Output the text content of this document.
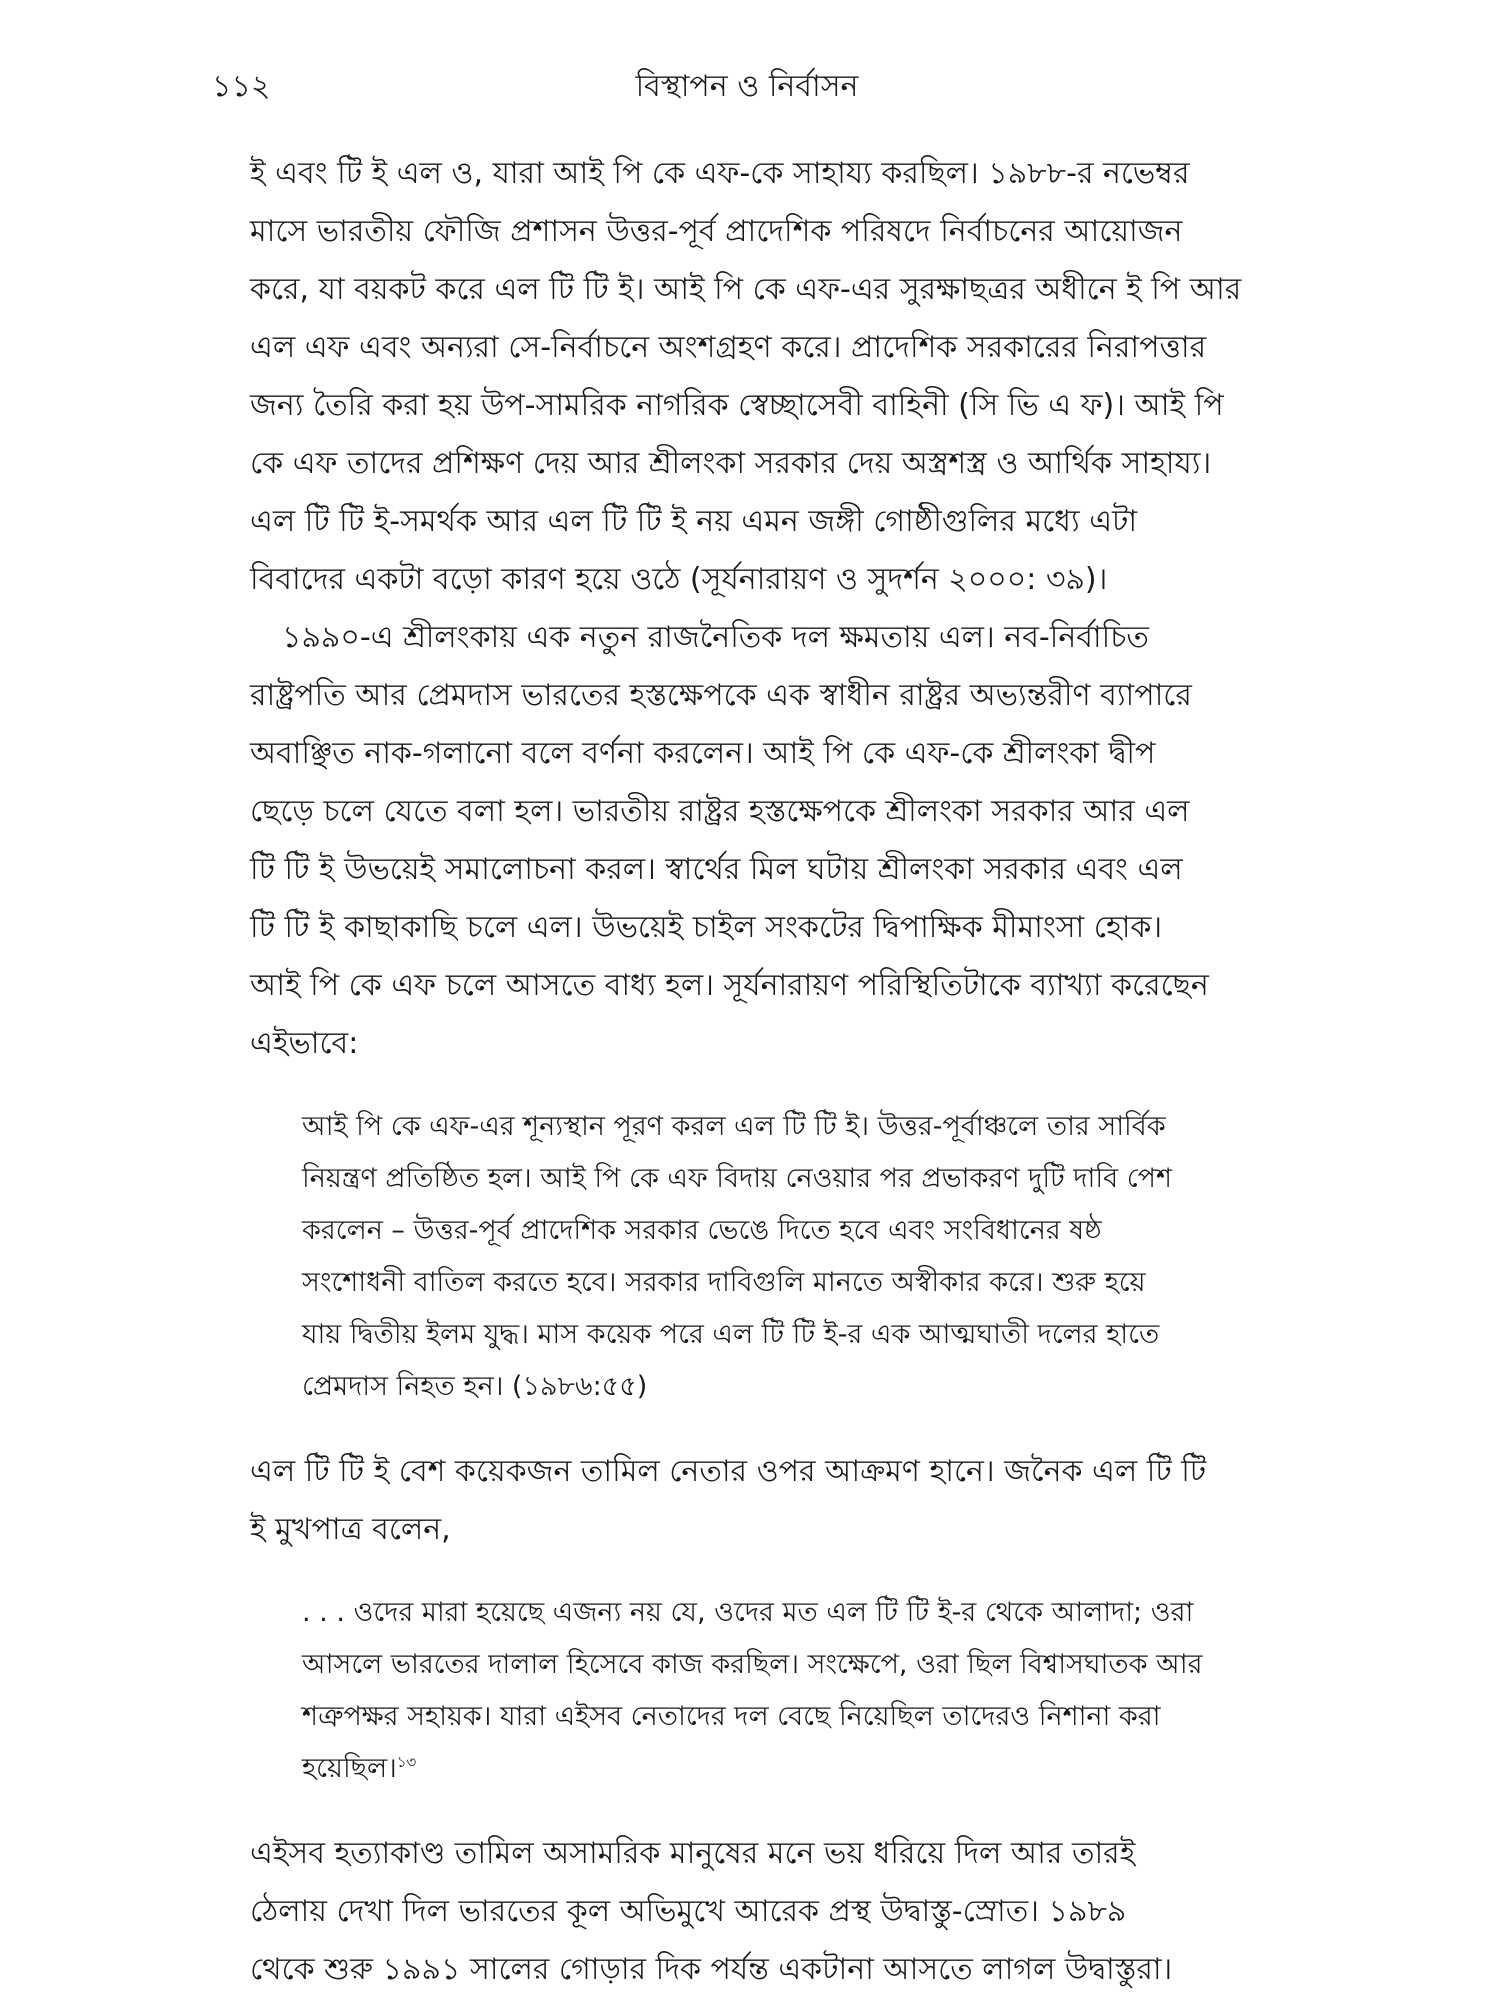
১১২	বিস্থাপন ও নির্বাসন
ই এবং টি ই এল ও, যারা আই পি কে এফ-কে সাহায্য করছিল। ১৯৮৮-র নভেম্বর
মাসে ভারতীয় ফৌজি প্রশাসন উত্তর-পূর্ব প্রাদেশিক পরিষদে নির্বাচনের আয়োজন
করে, যা বয়কট করে এল টি টি ই। আই পি কে এফ-এর সুরক্ষাছত্রর অধীনে ই পি আর
এল এফ এবং অন্যরা সে-নির্বাচনে অংশগ্রহণ করে। প্রাদেশিক সরকারের নিরাপত্তার
জন্য তৈরি করা হয় উপ-সামরিক নাগরিক স্বেচ্ছাসেবী বাহিনী (সি ভি এ ফ)। আই পি
কে এফ তাদের প্রশিক্ষণ দেয় আর শ্রীলংকা সরকার দেয় অস্ত্রশস্ত্র ও আর্থিক সাহায্য।
এল টি টি ই-সমর্থক আর এল টি টি ই নয় এমন জঙ্গী গোষ্ঠীগুলির মধ্যে এটা
বিবাদের একটা বড়ো কারণ হয়ে ওঠে (সূর্যনারায়ণ ও সুদর্শন ২০০০: ৩৯)।
১৯৯০-এ শ্রীলংকায় এক নতুন রাজনৈতিক দল ক্ষমতায় এল। নব-নির্বাচিত
রাষ্ট্রপতি আর প্রেমদাস ভারতের হস্তক্ষেপকে এক স্বাধীন রাষ্ট্রর অভ্যন্তরীণ ব্যাপারে
অবাঞ্ছিত নাক-গলানো বলে বর্ণনা করলেন। আই পি কে এফ-কে শ্রীলংকা দ্বীপ
ছেড়ে চলে যেতে বলা হল। ভারতীয় রাষ্ট্রর হস্তক্ষেপকে শ্রীলংকা সরকার আর এল
টি টি ই উভয়েই সমালোচনা করল। স্বার্থের মিল ঘটায় শ্রীলংকা সরকার এবং এল
টি টি ই কাছাকাছি চলে এল। উভয়েই চাইল সংকটের দ্বিপাক্ষিক মীমাংসা হোক।
আই পি কে এফ চলে আসতে বাধ্য হল। সূর্যনারায়ণ পরিস্থিতিটাকে ব্যাখ্যা করেছেন
এইভাবে:
আই পি কে এফ-এর শূন্যস্থান পূরণ করল এল টি টি ই। উত্তর-পূর্বাঞ্চলে তার সার্বিক
নিয়ন্ত্রণ প্রতিষ্ঠিত হল। আই পি কে এফ বিদায় নেওয়ার পর প্রভাকরণ দুটি দাবি পেশ
করলেন – উত্তর-পূর্ব প্রাদেশিক সরকার ভেঙে দিতে হবে এবং সংবিধানের ষষ্ঠ
সংশোধনী বাতিল করতে হবে। সরকার দাবিগুলি মানতে অস্বীকার করে। শুরু হয়ে
যায় দ্বিতীয় ইলম যুদ্ধ। মাস কয়েক পরে এল টি টি ই-র এক আত্মঘাতী দলের হাতে
প্রেমদাস নিহত হন। (১৯৮৬:৫৫)
এল টি টি ই বেশ কয়েকজন তামিল নেতার ওপর আক্রমণ হানে। জনৈক এল টি টি
ই মুখপাত্র বলেন,
. . . ওদের মারা হয়েছে এজন্য নয় যে, ওদের মত এল টি টি ই-র থেকে আলাদা; ওরা
আসলে ভারতের দালাল হিসেবে কাজ করছিল। সংক্ষেপে, ওরা ছিল বিশ্বাসঘাতক আর
শত্রুপক্ষর সহায়ক। যারা এইসব নেতাদের দল বেছে নিয়েছিল তাদেরও নিশানা করা
হয়েছিল।$^{১৩}$
এইসব হত্যাকাণ্ড তামিল অসামরিক মানুষের মনে ভয় ধরিয়ে দিল আর তারই
ঠেলায় দেখা দিল ভারতের কূল অভিমুখে আরেক প্রস্থ উদ্বাস্তু-স্রোত। ১৯৮৯
থেকে শুরু ১৯৯১ সালের গোড়ার দিক পর্যন্ত একটানা আসতে লাগল উদ্বাস্তুরা।
